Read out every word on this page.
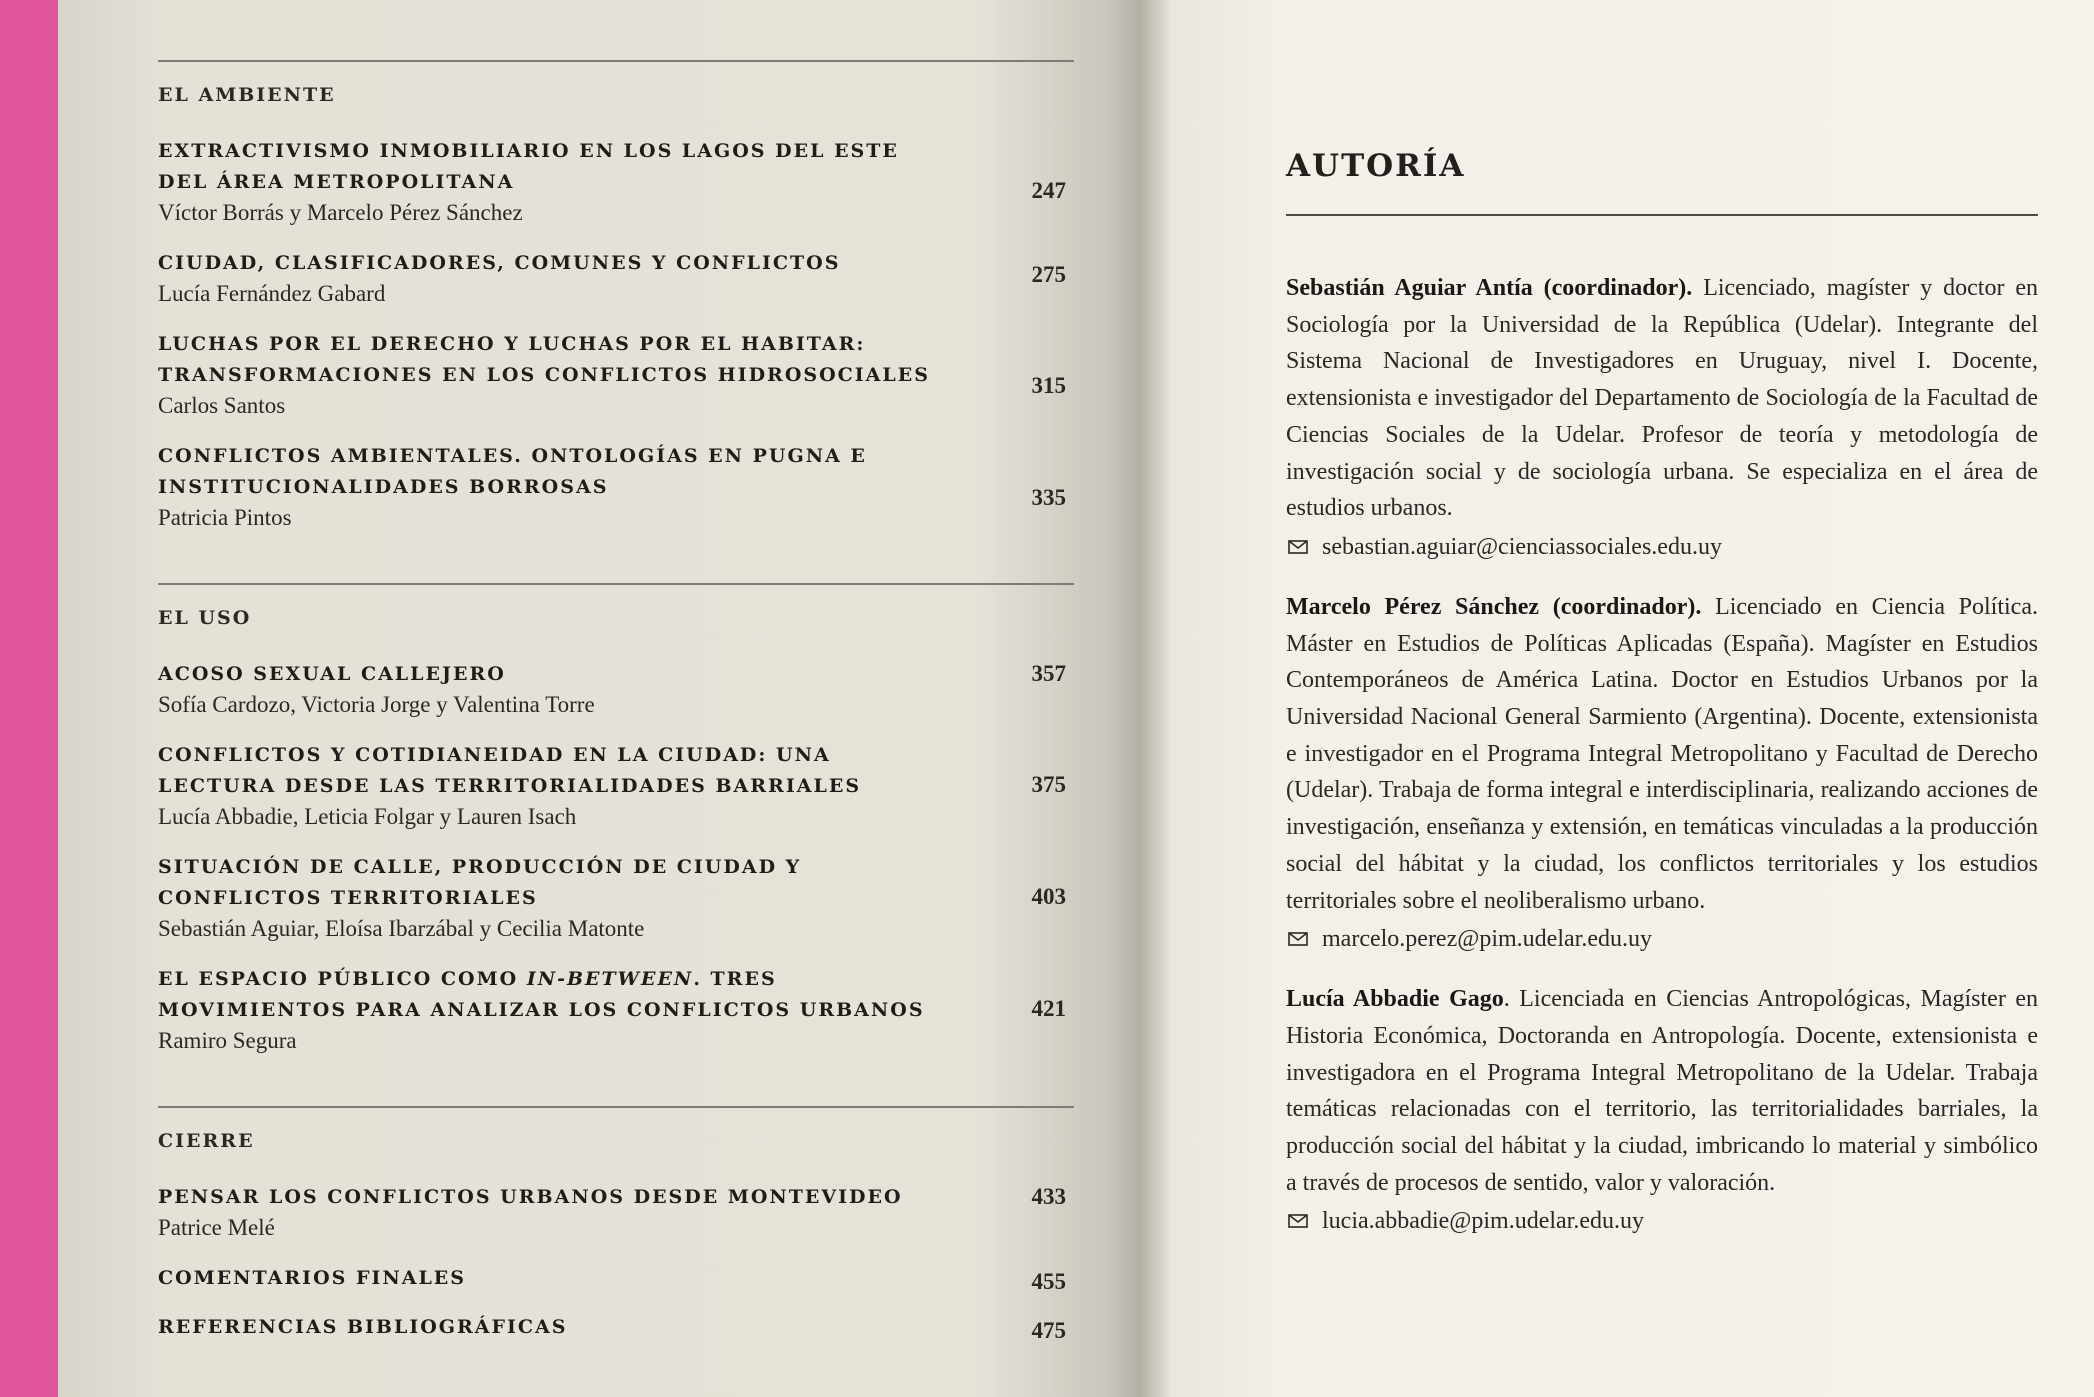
EL AMBIENTE
EXTRACTIVISMO INMOBILIARIO EN LOS LAGOS DEL ESTE DEL ÁREA METROPOLITANA
Víctor Borrás y Marcelo Pérez Sánchez
247
CIUDAD, CLASIFICADORES, COMUNES Y CONFLICTOS
Lucía Fernández Gabard
275
LUCHAS POR EL DERECHO Y LUCHAS POR EL HABITAR: TRANSFORMACIONES EN LOS CONFLICTOS HIDROSOCIALES
Carlos Santos
315
CONFLICTOS AMBIENTALES. ONTOLOGÍAS EN PUGNA E INSTITUCIONALIDADES BORROSAS
Patricia Pintos
335
EL USO
ACOSO SEXUAL CALLEJERO
Sofía Cardozo, Victoria Jorge y Valentina Torre
357
CONFLICTOS Y COTIDIANEIDAD EN LA CIUDAD: UNA LECTURA DESDE LAS TERRITORIALIDADES BARRIALES
Lucía Abbadie, Leticia Folgar y Lauren Isach
375
SITUACIÓN DE CALLE, PRODUCCIÓN DE CIUDAD Y CONFLICTOS TERRITORIALES
Sebastián Aguiar, Eloísa Ibarzábal y Cecilia Matonte
403
EL ESPACIO PÚBLICO COMO IN-BETWEEN. TRES MOVIMIENTOS PARA ANALIZAR LOS CONFLICTOS URBANOS
Ramiro Segura
421
CIERRE
PENSAR LOS CONFLICTOS URBANOS DESDE MONTEVIDEO
Patrice Melé
433
COMENTARIOS FINALES	455
REFERENCIAS BIBLIOGRÁFICAS	475
AUTORÍA

Sebastián Aguiar Antía (coordinador). Licenciado, magíster y doctor en Sociología por la Universidad de la República (Udelar). Integrante del Sistema Nacional de Investigadores en Uruguay, nivel I. Docente, extensionista e investigador del Departamento de Sociología de la Facultad de Ciencias Sociales de la Udelar. Profesor de teoría y metodología de investigación social y de sociología urbana. Se especializa en el área de estudios urbanos.

sebastian.aguiar@cienciassociales.edu.uy

Marcelo Pérez Sánchez (coordinador). Licenciado en Ciencia Política. Máster en Estudios de Políticas Aplicadas (España). Magíster en Estudios Contemporáneos de América Latina. Doctor en Estudios Urbanos por la Universidad Nacional General Sarmiento (Argentina). Docente, extensionista e investigador en el Programa Integral Metropolitano y Facultad de Derecho (Udelar). Trabaja de forma integral e interdisciplinaria, realizando acciones de investigación, enseñanza y extensión, en temáticas vinculadas a la producción social del hábitat y la ciudad, los conflictos territoriales y los estudios territoriales sobre el neoliberalismo urbano.

marcelo.perez@pim.udelar.edu.uy

Lucía Abbadie Gago. Licenciada en Ciencias Antropológicas, Magíster en Historia Económica, Doctoranda en Antropología. Docente, extensionista e investigadora en el Programa Integral Metropolitano de la Udelar. Trabaja temáticas relacionadas con el territorio, las territorialidades barriales, la producción social del hábitat y la ciudad, imbricando lo material y simbólico a través de procesos de sentido, valor y valoración.

lucia.abbadie@pim.udelar.edu.uy
